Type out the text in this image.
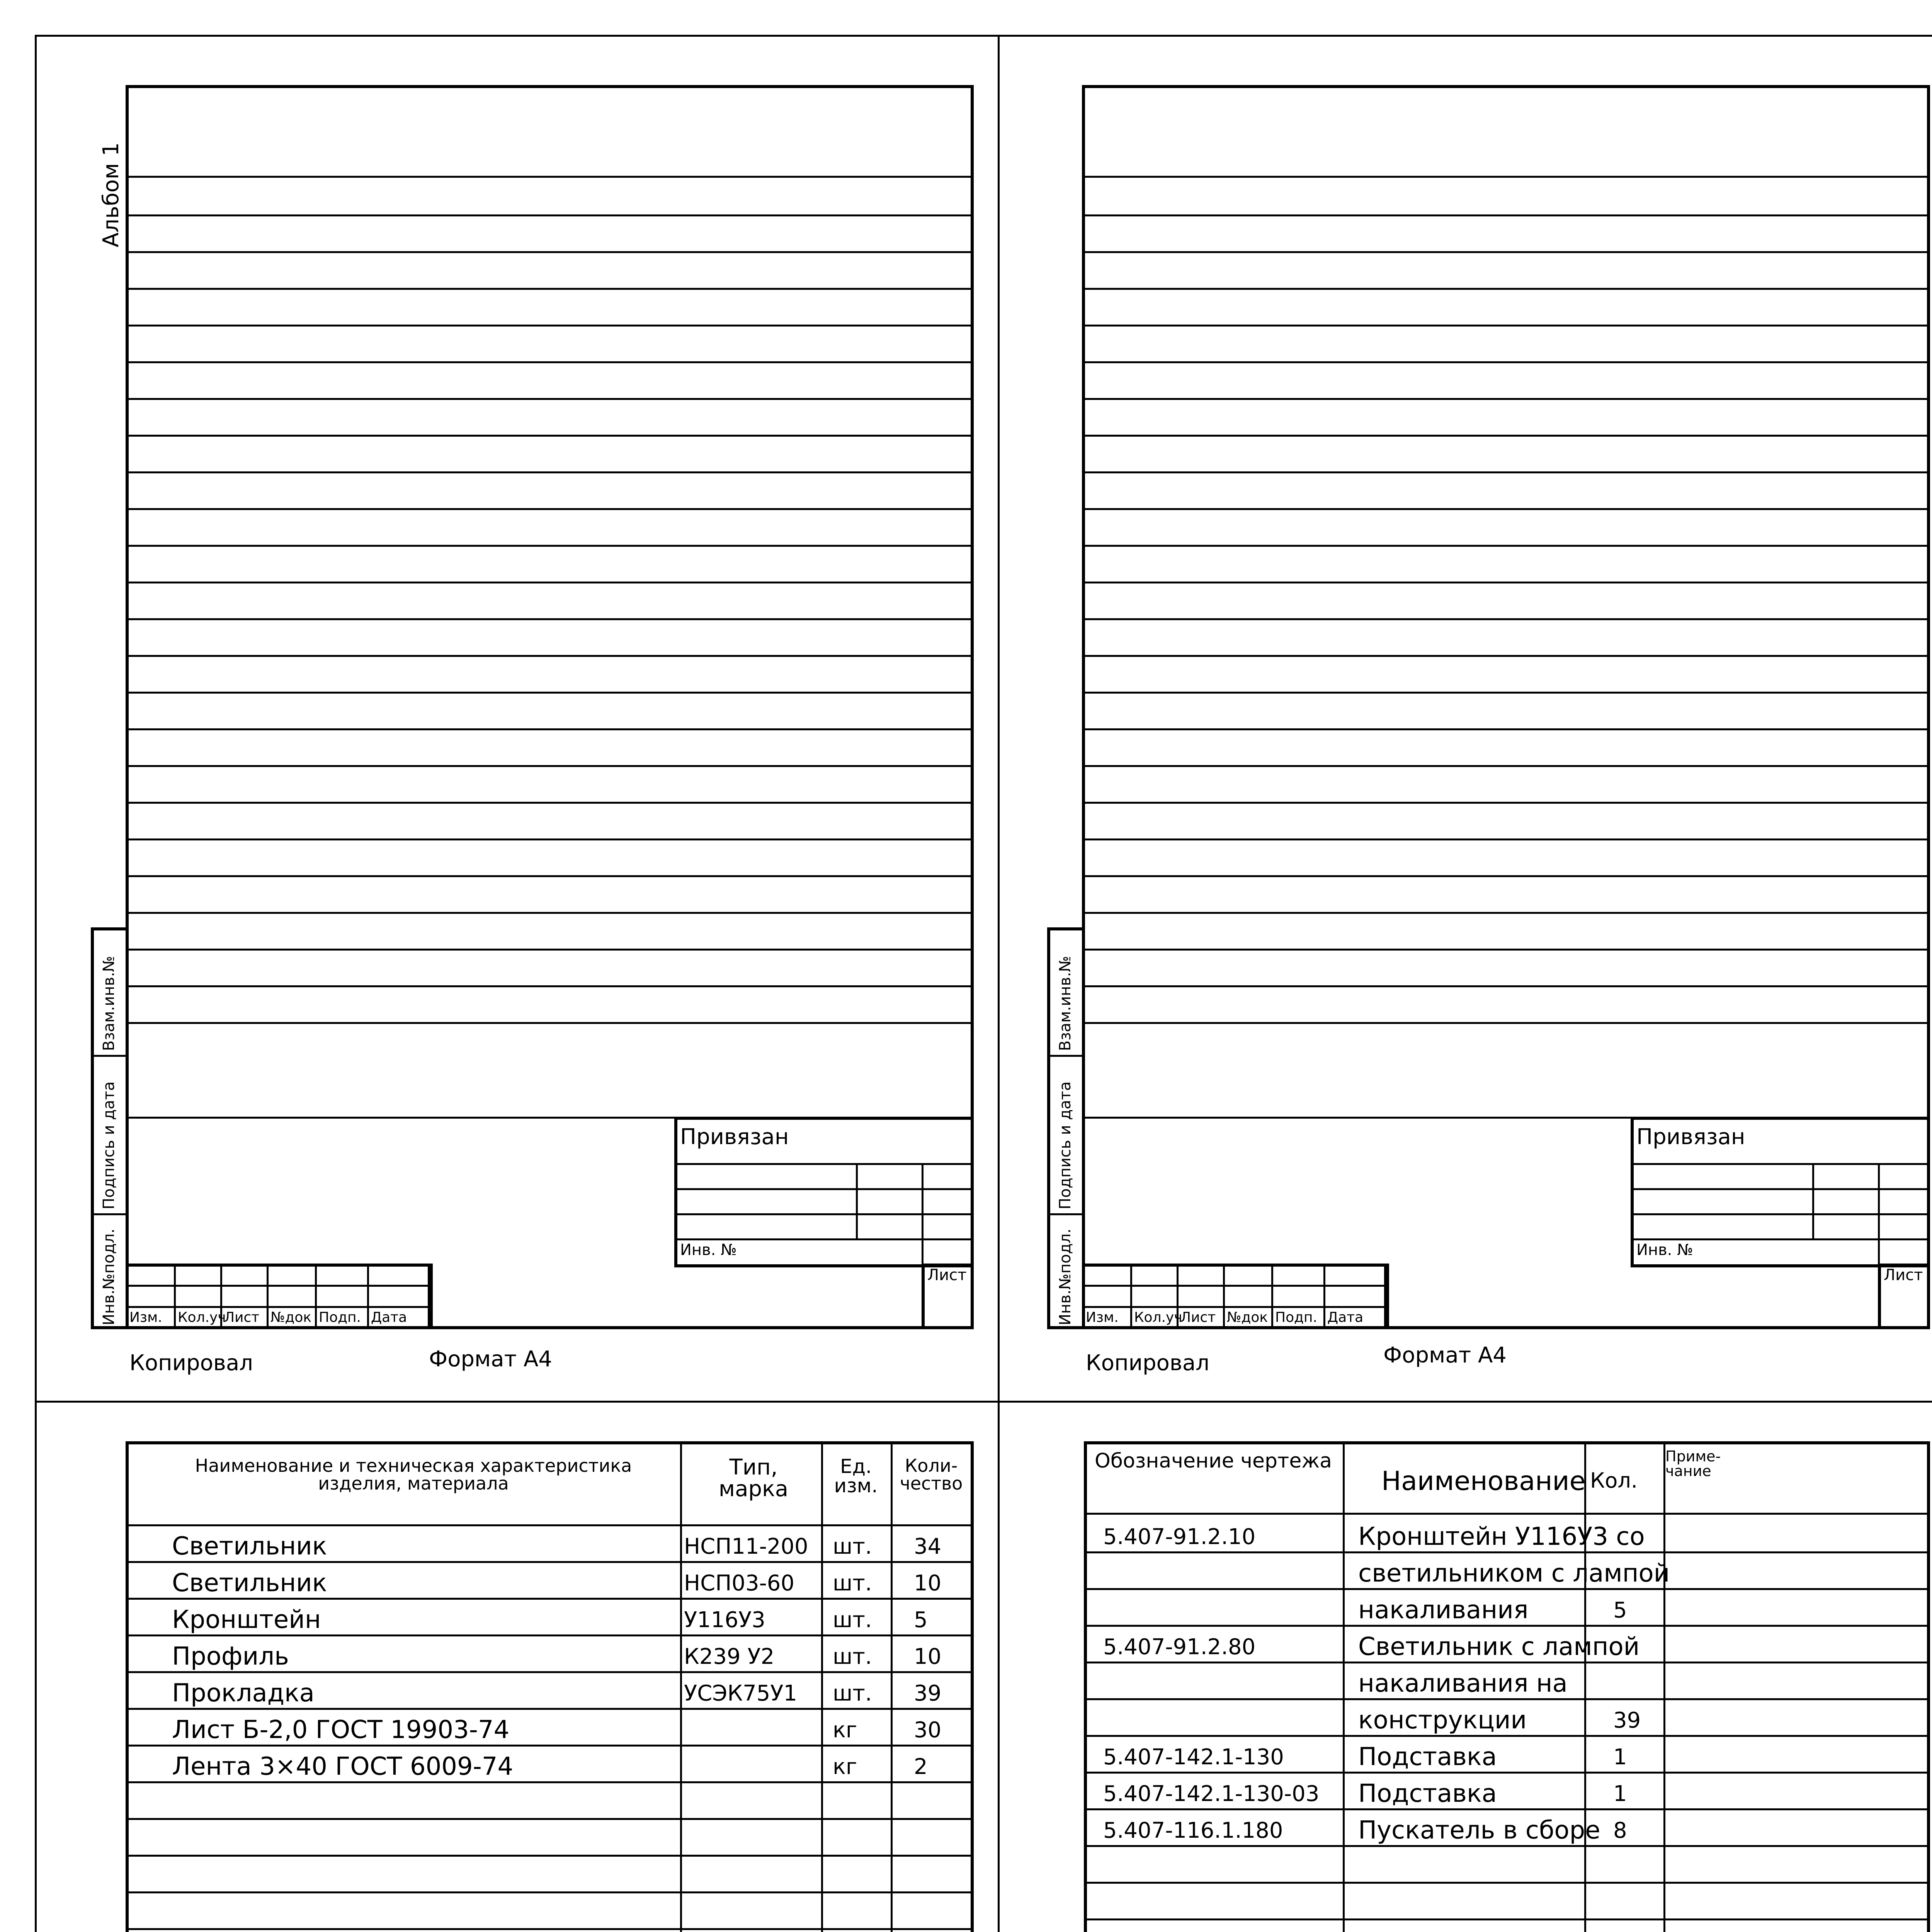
Альбом 1
Инв.№подл.
Подпись и дата
Взам.инв.№
Привязан
Инв. №
Лист
Изм. Кол.уч
Лист №док Подп. Дата
Копировал	Формат А4
Инв.№подл.
Подпись и дата
Взам.инв.№
Привязан
Инв. №
Лист
Изм. Кол.уч
Лист №док Подп. Дата
Копировал	Формат А4
Наименование и техническая характеристика изделия, материала
Тип, марка
Ед. изм.
Коли-чество
Светильник	НСП11-200 шт. 34
Светильник	НСП03-60 шт. 10
Кронштейн	У116У3	шт. 5
Профиль	К239 У2	шт. 10
Прокладка	УСЭК75У1 шт. 39
Лист Б-2,0 ГОСТ 19903-74	кг	30
Лента 3×40 ГОСТ 6009-74	кг	2
Обозначение чертежа
Наименование Кол.
Приме-чание
5.407-91.2.10	Кронштейн У116У3 со
светильником с лампой
накаливания	5
5.407-91.2.80	Светильник с лампой
накаливания на
конструкции	39
5.407-142.1-130	Подставка	1
5.407-142.1-130-03 Подставка	1
5.407-116.1.180	Пускатель в сборе 8
